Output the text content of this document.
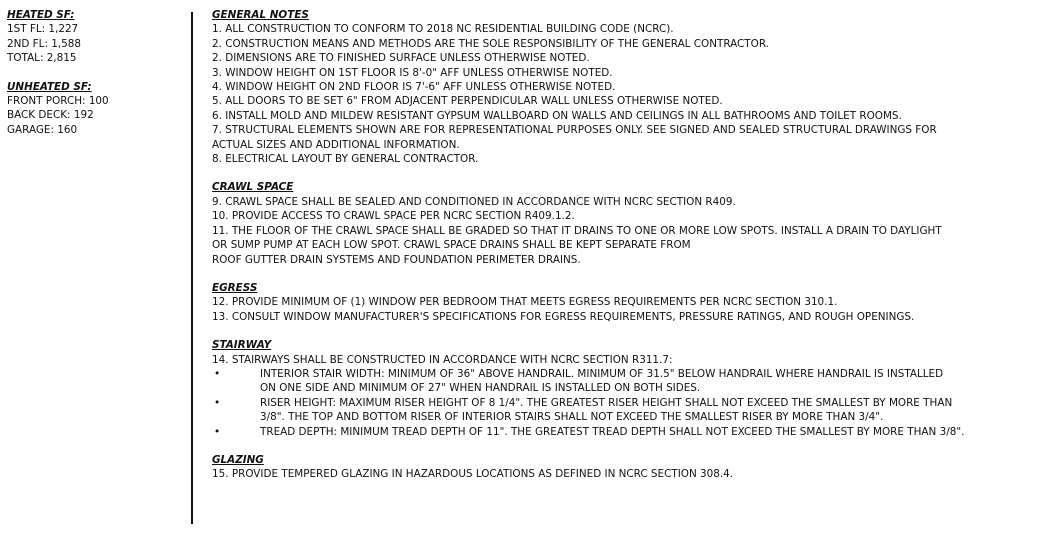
HEATED SF:
1ST FL: 1,227
2ND FL: 1,588
TOTAL: 2,815
UNHEATED SF:
FRONT PORCH: 100
BACK DECK: 192
GARAGE: 160
GENERAL NOTES
1. ALL CONSTRUCTION TO CONFORM TO 2018 NC RESIDENTIAL BUILDING CODE (NCRC).
2. CONSTRUCTION MEANS AND METHODS ARE THE SOLE RESPONSIBILITY OF THE GENERAL CONTRACTOR.
2. DIMENSIONS ARE TO FINISHED SURFACE UNLESS OTHERWISE NOTED.
3. WINDOW HEIGHT ON 1ST FLOOR IS 8'-0" AFF UNLESS OTHERWISE NOTED.
4. WINDOW HEIGHT ON 2ND FLOOR IS 7'-6" AFF UNLESS OTHERWISE NOTED.
5. ALL DOORS TO BE SET 6" FROM ADJACENT PERPENDICULAR WALL UNLESS OTHERWISE NOTED.
6. INSTALL MOLD AND MILDEW RESISTANT GYPSUM WALLBOARD ON WALLS AND CEILINGS IN ALL BATHROOMS AND TOILET ROOMS.
7. STRUCTURAL ELEMENTS SHOWN ARE FOR REPRESENTATIONAL PURPOSES ONLY. SEE SIGNED AND SEALED STRUCTURAL DRAWINGS FOR
ACTUAL SIZES AND ADDITIONAL INFORMATION.
8. ELECTRICAL LAYOUT BY GENERAL CONTRACTOR.
CRAWL SPACE
9. CRAWL SPACE SHALL BE SEALED AND CONDITIONED IN ACCORDANCE WITH NCRC SECTION R409.
10. PROVIDE ACCESS TO CRAWL SPACE PER NCRC SECTION R409.1.2.
11. THE FLOOR OF THE CRAWL SPACE SHALL BE GRADED SO THAT IT DRAINS TO ONE OR MORE LOW SPOTS. INSTALL A DRAIN TO DAYLIGHT
OR SUMP PUMP AT EACH LOW SPOT. CRAWL SPACE DRAINS SHALL BE KEPT SEPARATE FROM
ROOF GUTTER DRAIN SYSTEMS AND FOUNDATION PERIMETER DRAINS.
EGRESS
12. PROVIDE MINIMUM OF (1) WINDOW PER BEDROOM THAT MEETS EGRESS REQUIREMENTS PER NCRC SECTION 310.1.
13. CONSULT WINDOW MANUFACTURER'S SPECIFICATIONS FOR EGRESS REQUIREMENTS, PRESSURE RATINGS, AND ROUGH OPENINGS.
STAIRWAY
14. STAIRWAYS SHALL BE CONSTRUCTED IN ACCORDANCE WITH NCRC SECTION R311.7:
•	INTERIOR STAIR WIDTH: MINIMUM OF 36" ABOVE HANDRAIL. MINIMUM OF 31.5" BELOW HANDRAIL WHERE HANDRAIL IS INSTALLED
ON ONE SIDE AND MINIMUM OF 27" WHEN HANDRAIL IS INSTALLED ON BOTH SIDES.
•	RISER HEIGHT: MAXIMUM RISER HEIGHT OF 8 1/4". THE GREATEST RISER HEIGHT SHALL NOT EXCEED THE SMALLEST BY MORE THAN
3/8". THE TOP AND BOTTOM RISER OF INTERIOR STAIRS SHALL NOT EXCEED THE SMALLEST RISER BY MORE THAN 3/4".
•	TREAD DEPTH: MINIMUM TREAD DEPTH OF 11". THE GREATEST TREAD DEPTH SHALL NOT EXCEED THE SMALLEST BY MORE THAN 3/8".
GLAZING
15. PROVIDE TEMPERED GLAZING IN HAZARDOUS LOCATIONS AS DEFINED IN NCRC SECTION 308.4.
